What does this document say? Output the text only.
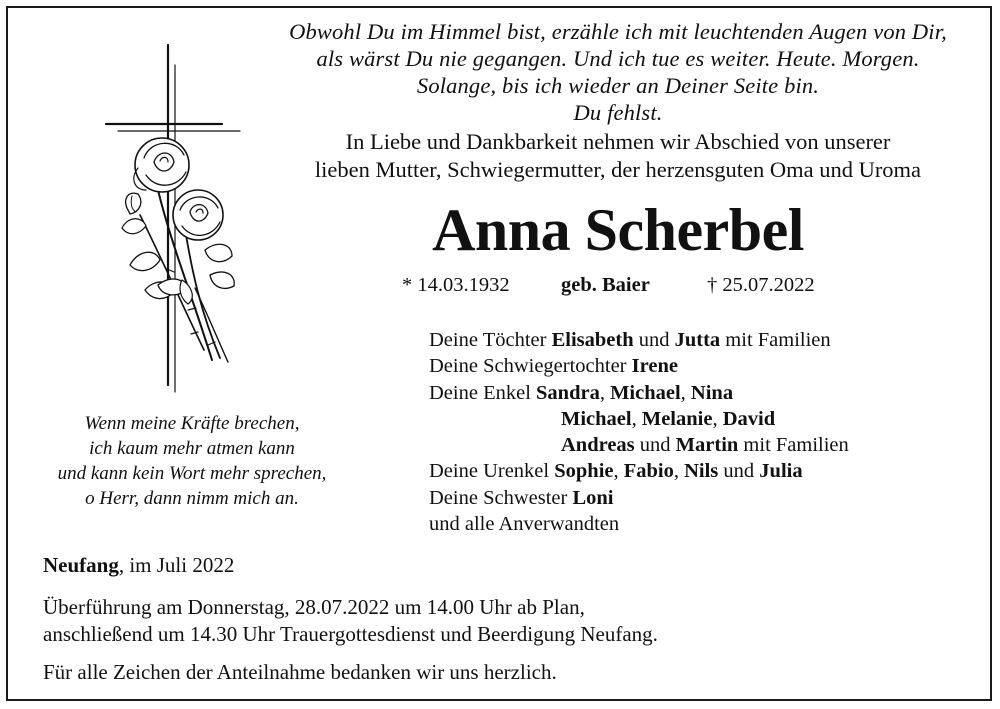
Obwohl Du im Himmel bist, erzähle ich mit leuchtenden Augen von Dir,
als wärst Du nie gegangen. Und ich tue es weiter. Heute. Morgen.
Solange, bis ich wieder an Deiner Seite bin.
Du fehlst.
In Liebe und Dankbarkeit nehmen wir Abschied von unserer
lieben Mutter, Schwiegermutter, der herzensguten Oma und Uroma
Anna Scherbel
* 14.03.1932	geb. Baier	† 25.07.2022
Deine Töchter Elisabeth und Jutta mit Familien
Deine Schwiegertochter Irene
Deine Enkel Sandra, Michael, Nina
Michael, Melanie, David
Andreas und Martin mit Familien
Deine Urenkel Sophie, Fabio, Nils und Julia
Deine Schwester Loni
und alle Anverwandten
Wenn meine Kräfte brechen,
ich kaum mehr atmen kann
und kann kein Wort mehr sprechen,
o Herr, dann nimm mich an.
Neufang, im Juli 2022
Überführung am Donnerstag, 28.07.2022 um 14.00 Uhr ab Plan,
anschließend um 14.30 Uhr Trauergottesdienst und Beerdigung Neufang.
Für alle Zeichen der Anteilnahme bedanken wir uns herzlich.
